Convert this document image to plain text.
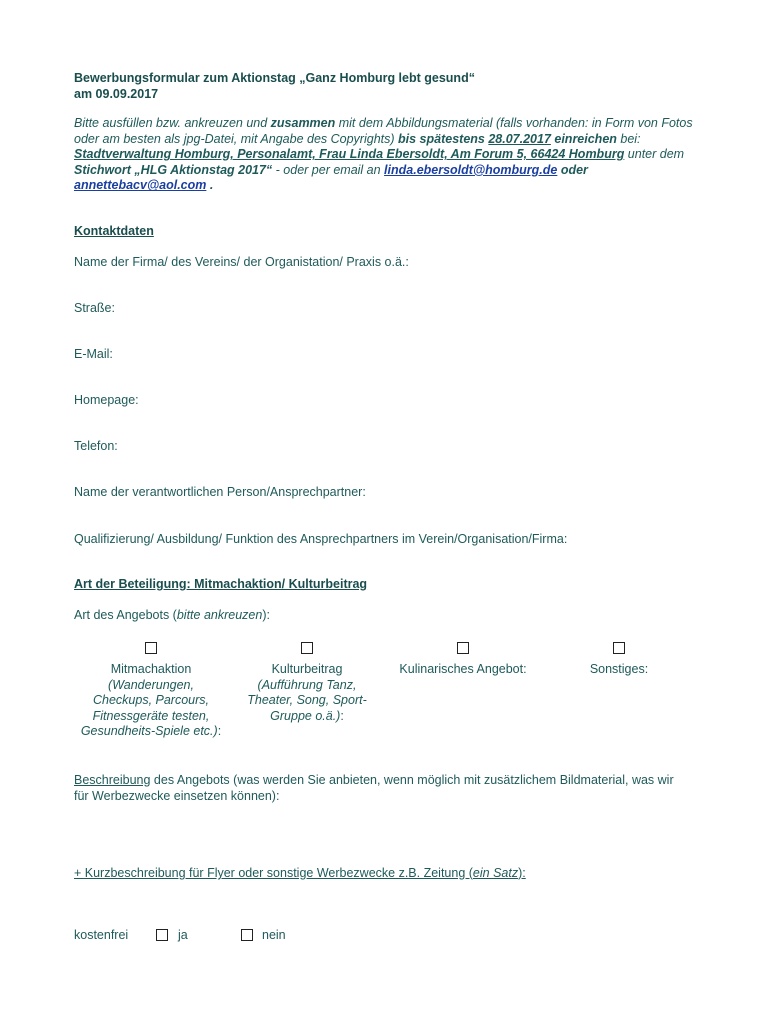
Bewerbungsformular zum Aktionstag „Ganz Homburg lebt gesund“
am 09.09.2017
Bitte ausfüllen bzw. ankreuzen und zusammen mit dem Abbildungsmaterial (falls vorhanden: in Form von Fotos oder am besten als jpg-Datei, mit Angabe des Copyrights) bis spätestens 28.07.2017 einreichen bei: Stadtverwaltung Homburg, Personalamt, Frau Linda Ebersoldt, Am Forum 5, 66424 Homburg unter dem Stichwort „HLG Aktionstag 2017“ - oder per email an linda.ebersoldt@homburg.de oder annettebacv@aol.com .
Kontaktdaten
Name der Firma/ des Vereins/ der Organistation/ Praxis o.ä.:
Straße:
E-Mail:
Homepage:
Telefon:
Name der verantwortlichen Person/Ansprechpartner:
Qualifizierung/ Ausbildung/ Funktion des Ansprechpartners im Verein/Organisation/Firma:
Art der Beteiligung: Mitmachaktion/ Kulturbeitrag
Art des Angebots (bitte ankreuzen):
Mitmachaktion
(Wanderungen, Checkups, Parcours, Fitnessgeräte testen, Gesundheits-Spiele etc.):
Kulturbeitrag
(Aufführung Tanz, Theater, Song, Sport-Gruppe o.ä.):
Kulinarisches Angebot:	Sonstiges:
Beschreibung des Angebots (was werden Sie anbieten, wenn möglich mit zusätzlichem Bildmaterial, was wir für Werbezwecke einsetzen können):
+ Kurzbeschreibung für Flyer oder sonstige Werbezwecke z.B. Zeitung (ein Satz):
kostenfrei	ja	nein
